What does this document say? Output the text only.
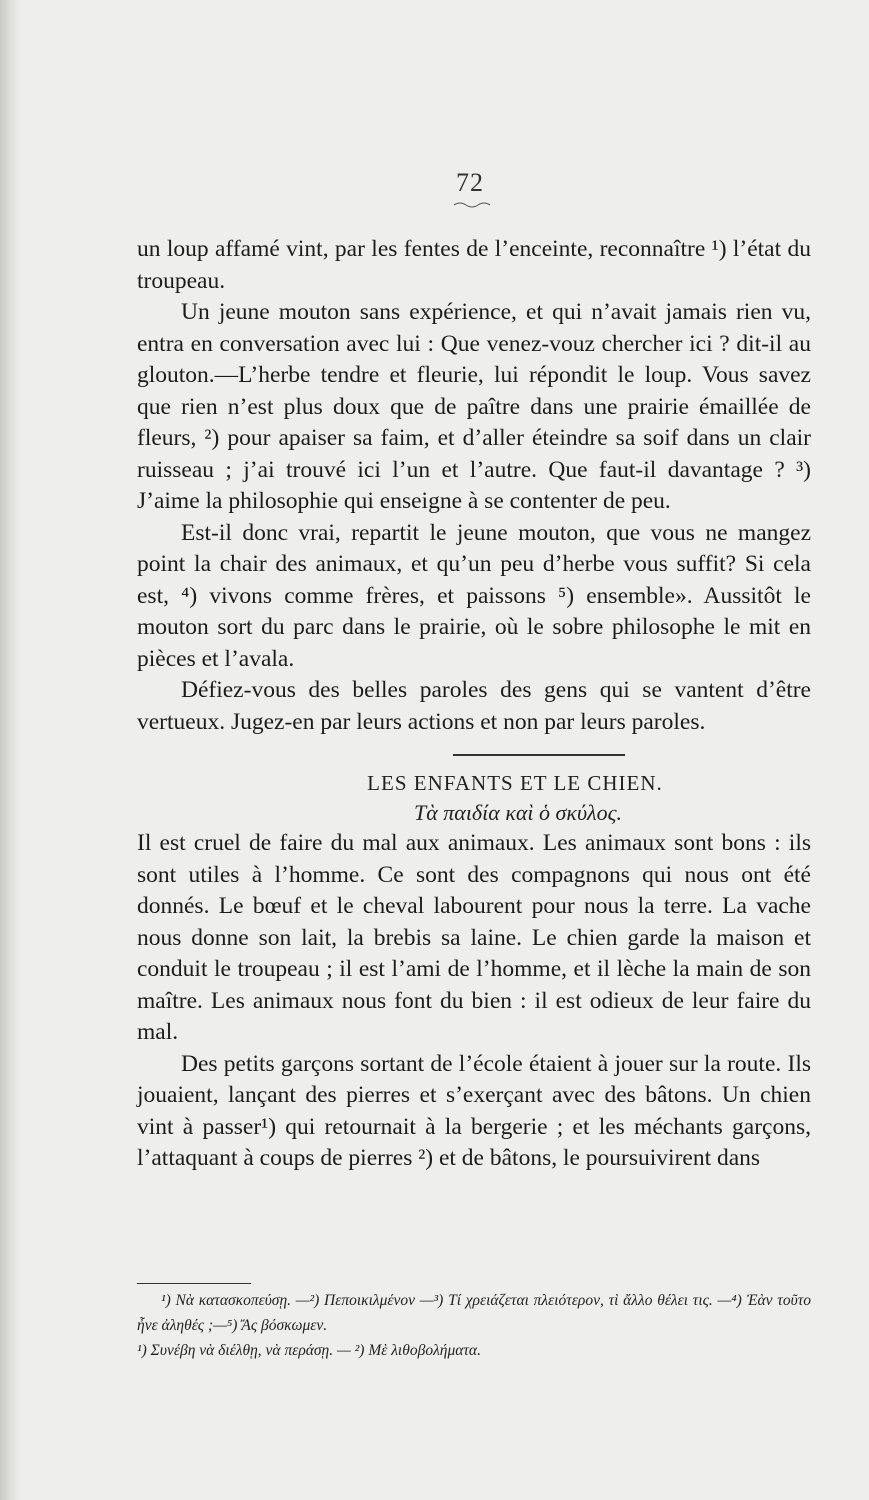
72

un loup affamé vint, par les fentes de l’enceinte, reconnaître ¹) l’état du troupeau.

Un jeune mouton sans expérience, et qui n’avait jamais rien vu, entra en conversation avec lui : Que venez-vouz chercher ici ? dit-il au glouton.—L’herbe tendre et fleurie, lui répondit le loup. Vous savez que rien n’est plus doux que de paître dans une prairie émaillée de fleurs, ²) pour apaiser sa faim, et d’aller éteindre sa soif dans un clair ruisseau ; j’ai trouvé ici l’un et l’autre. Que faut-il davantage ? ³) J’aime la philosophie qui enseigne à se contenter de peu.

Est-il donc vrai, repartit le jeune mouton, que vous ne mangez point la chair des animaux, et qu’un peu d’herbe vous suffit? Si cela est, ⁴) vivons comme frères, et paissons ⁵) ensemble». Aussitôt le mouton sort du parc dans le prairie, où le sobre philosophe le mit en pièces et l’avala.

Défiez-vous des belles paroles des gens qui se vantent d’être vertueux. Jugez-en par leurs actions et non par leurs paroles.

LES ENFANTS ET LE CHIEN.
Τὰ παιδία καὶ ὁ σκύλος.

Il est cruel de faire du mal aux animaux. Les animaux sont bons : ils sont utiles à l’homme. Ce sont des compagnons qui nous ont été donnés. Le bœuf et le cheval labourent pour nous la terre. La vache nous donne son lait, la brebis sa laine. Le chien garde la maison et conduit le troupeau ; il est l’ami de l’homme, et il lèche la main de son maître. Les animaux nous font du bien : il est odieux de leur faire du mal.

Des petits garçons sortant de l’école étaient à jouer sur la route. Ils jouaient, lançant des pierres et s’exerçant avec des bâtons. Un chien vint à passer¹) qui retournait à la bergerie ; et les méchants garçons, l’attaquant à coups de pierres ²) et de bâtons, le poursuivirent dans

¹) Νὰ κατασκοπεύσῃ. —²) Πεποικιλμένον —³) Τί χρειάζεται πλειότερον, τὶ ἄλλο θέλει τις. —⁴) Ἐὰν τοῦτο ἦνε ἀληθές ;—⁵) Ἄς βόσκωμεν.

¹) Συνέβη νὰ διέλθῃ, νὰ περάσῃ. — ²) Μὲ λιθοβολήματα.
